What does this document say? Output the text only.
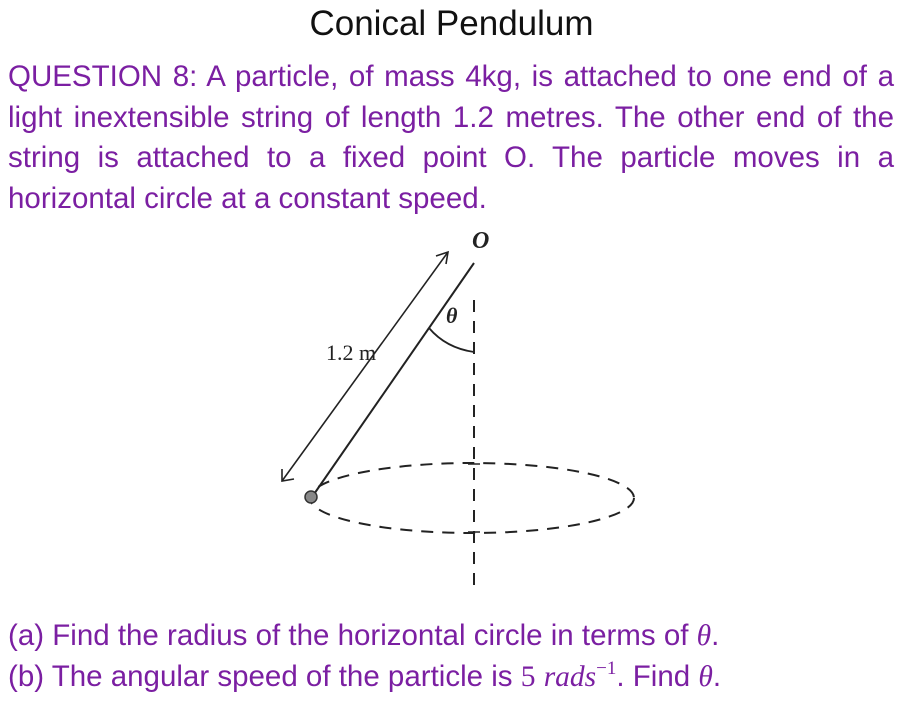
Conical Pendulum
QUESTION 8: A particle, of mass 4kg, is attached to one end of a light inextensible string of length 1.2 metres. The other end of the string is attached to a fixed point O. The particle moves in a horizontal circle at a constant speed.
O
θ
1.2 m
(a) Find the radius of the horizontal circle in terms of θ.
(b) The angular speed of the particle is 5 rads$^{-1}$. Find θ.
